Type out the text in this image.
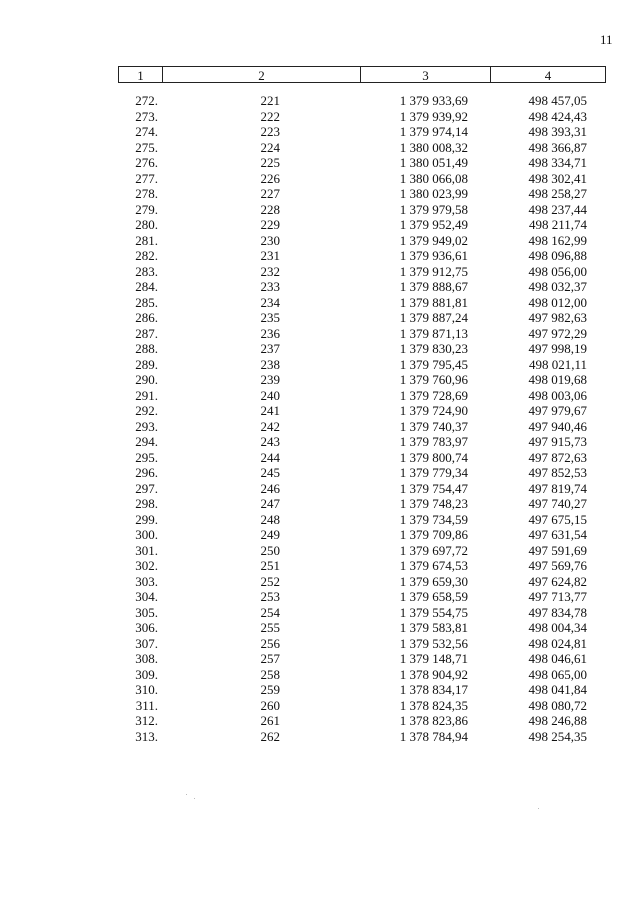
11
1	2	3	4
272.	221	1 379 933,69	498 457,05
273.	222	1 379 939,92	498 424,43
274.	223	1 379 974,14	498 393,31
275.	224	1 380 008,32	498 366,87
276.	225	1 380 051,49	498 334,71
277.	226	1 380 066,08	498 302,41
278.	227	1 380 023,99	498 258,27
279.	228	1 379 979,58	498 237,44
280.	229	1 379 952,49	498 211,74
281.	230	1 379 949,02	498 162,99
282.	231	1 379 936,61	498 096,88
283.	232	1 379 912,75	498 056,00
284.	233	1 379 888,67	498 032,37
285.	234	1 379 881,81	498 012,00
286.	235	1 379 887,24	497 982,63
287.	236	1 379 871,13	497 972,29
288.	237	1 379 830,23	497 998,19
289.	238	1 379 795,45	498 021,11
290.	239	1 379 760,96	498 019,68
291.	240	1 379 728,69	498 003,06
292.	241	1 379 724,90	497 979,67
293.	242	1 379 740,37	497 940,46
294.	243	1 379 783,97	497 915,73
295.	244	1 379 800,74	497 872,63
296.	245	1 379 779,34	497 852,53
297.	246	1 379 754,47	497 819,74
298.	247	1 379 748,23	497 740,27
299.	248	1 379 734,59	497 675,15
300.	249	1 379 709,86	497 631,54
301.	250	1 379 697,72	497 591,69
302.	251	1 379 674,53	497 569,76
303.	252	1 379 659,30	497 624,82
304.	253	1 379 658,59	497 713,77
305.	254	1 379 554,75	497 834,78
306.	255	1 379 583,81	498 004,34
307.	256	1 379 532,56	498 024,81
308.	257	1 379 148,71	498 046,61
309.	258	1 378 904,92	498 065,00
310.	259	1 378 834,17	498 041,84
311.	260	1 378 824,35	498 080,72
312.	261	1 378 823,86	498 246,88
313.	262	1 378 784,94	498 254,35
